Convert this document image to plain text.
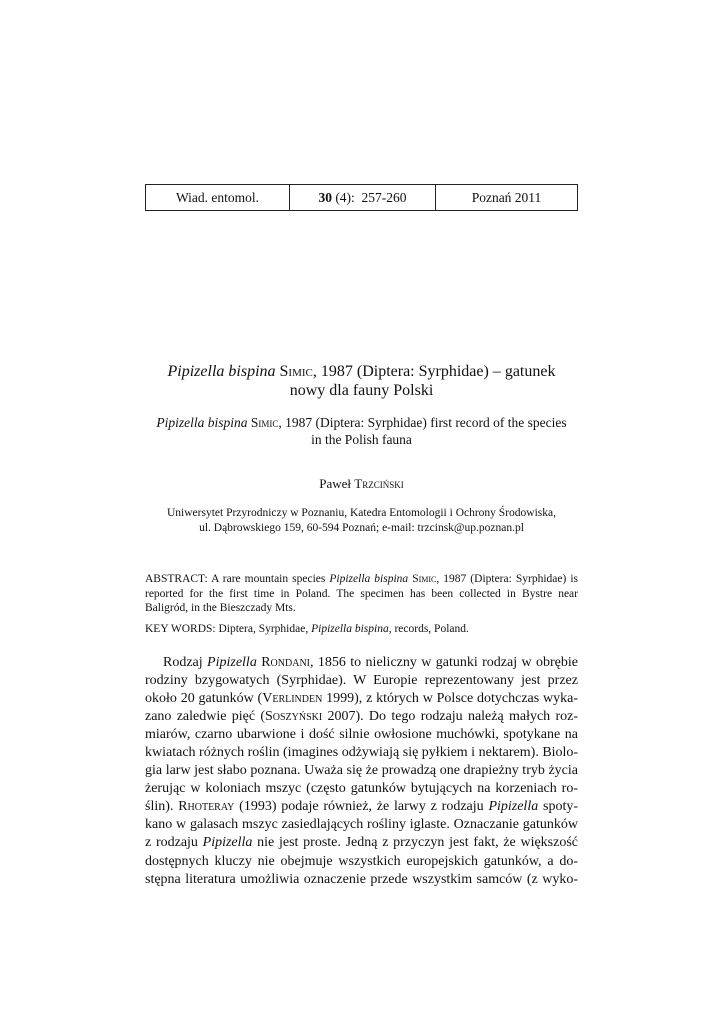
Wiad. entomol.	30 (4):  257-260	Poznań 2011
Pipizella bispina Simic, 1987 (Diptera: Syrphidae) – gatunek
nowy dla fauny Polski
Pipizella bispina Simic, 1987 (Diptera: Syrphidae) first record of the species
in the Polish fauna
Paweł Trzciński
Uniwersytet Przyrodniczy w Poznaniu, Katedra Entomologii i Ochrony Środowiska,
ul. Dąbrowskiego 159, 60-594 Poznań; e-mail: trzcinsk@up.poznan.pl
ABSTRACT: A rare mountain species Pipizella bispina Simic, 1987 (Diptera: Syrphidae) is reported for the first time in Poland. The specimen has been collected in Bystre near Baligród, in the Bieszczady Mts.
KEY WORDS: Diptera, Syrphidae, Pipizella bispina, records, Poland.
Rodzaj Pipizella Rondani, 1856 to nieliczny w gatunki rodzaj w obrębie
rodziny bzygowatych (Syrphidae). W Europie reprezentowany jest przez
około 20 gatunków (Verlinden 1999), z których w Polsce dotychczas wyka-
zano zaledwie pięć (Soszyński 2007). Do tego rodzaju należą małych roz-
miarów, czarno ubarwione i dość silnie owłosione muchówki, spotykane na
kwiatach różnych roślin (imagines odżywiają się pyłkiem i nektarem). Biolo-
gia larw jest słabo poznana. Uważa się że prowadzą one drapieżny tryb życia
żerując w koloniach mszyc (często gatunków bytujących na korzeniach ro-
ślin). Rhoteray (1993) podaje również, że larwy z rodzaju Pipizella spoty-
kano w galasach mszyc zasiedlających rośliny iglaste. Oznaczanie gatunków
z rodzaju Pipizella nie jest proste. Jedną z przyczyn jest fakt, że większość
dostępnych kluczy nie obejmuje wszystkich europejskich gatunków, a do-
stępna literatura umożliwia oznaczenie przede wszystkim samców (z wyko-
